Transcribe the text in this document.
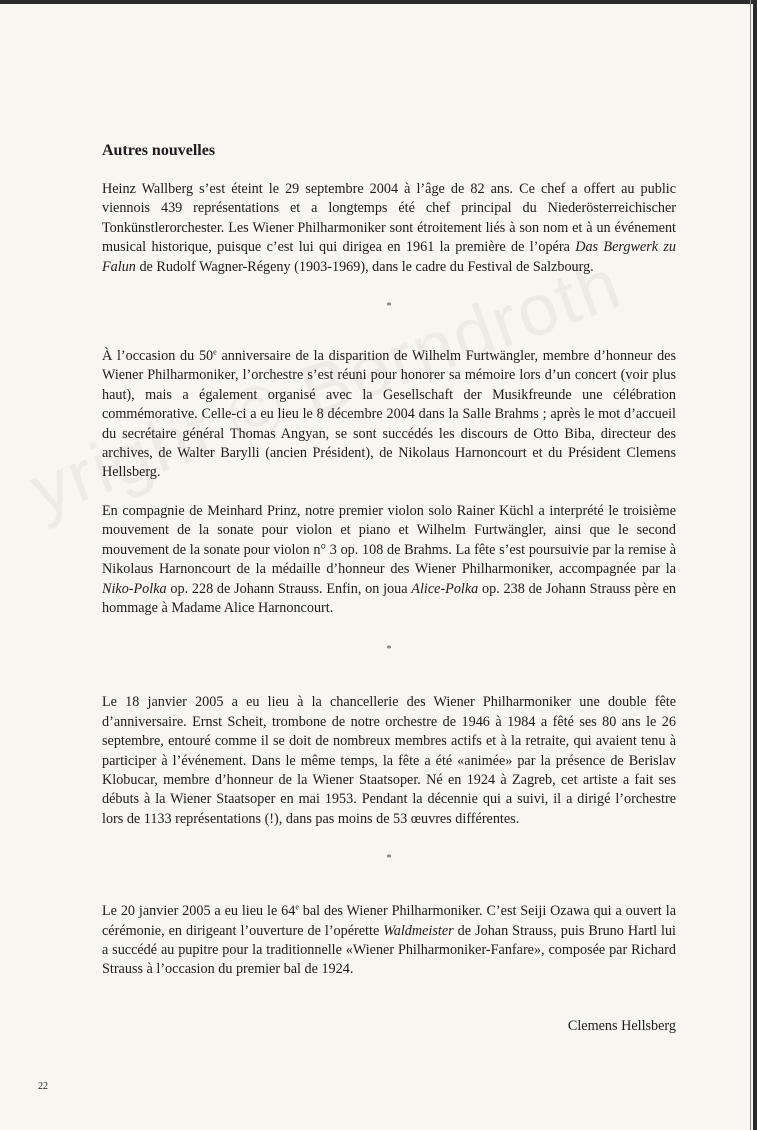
Autres nouvelles

Heinz Wallberg s’est éteint le 29 septembre 2004 à l’âge de 82 ans. Ce chef a offert au public viennois 439 représentations et a longtemps été chef principal du Niederösterreichischer Tonkünstlerorchester. Les Wiener Philharmoniker sont étroitement liés à son nom et à un événement musical historique, puisque c’est lui qui dirigea en 1961 la première de l’opéra Das Bergwerk zu Falun de Rudolf Wagner-Régeny (1903-1969), dans le cadre du Festival de Salzbourg.

*

À l’occasion du 50e anniversaire de la disparition de Wilhelm Furtwängler, membre d’honneur des Wiener Philharmoniker, l’orchestre s’est réuni pour honorer sa mémoire lors d’un concert (voir plus haut), mais a également organisé avec la Gesellschaft der Musikfreunde une célébration commémorative. Celle-ci a eu lieu le 8 décembre 2004 dans la Salle Brahms ; après le mot d’accueil du secrétaire général Thomas Angyan, se sont succédés les discours de Otto Biba, directeur des archives, de Walter Barylli (ancien Président), de Nikolaus Harnoncourt et du Président Clemens Hellsberg.

En compagnie de Meinhard Prinz, notre premier violon solo Rainer Küchl a interprété le troisième mouvement de la sonate pour violon et piano et Wilhelm Furtwängler, ainsi que le second mouvement de la sonate pour violon n° 3 op. 108 de Brahms. La fête s’est poursuivie par la remise à Nikolaus Harnoncourt de la médaille d’honneur des Wiener Philharmoniker, accompagnée par la Niko-Polka op. 228 de Johann Strauss. Enfin, on joua Alice-Polka op. 238 de Johann Strauss père en hommage à Madame Alice Harnoncourt.

*

Le 18 janvier 2005 a eu lieu à la chancellerie des Wiener Philharmoniker une double fête d’anniversaire. Ernst Scheit, trombone de notre orchestre de 1946 à 1984 a fêté ses 80 ans le 26 septembre, entouré comme il se doit de nombreux membres actifs et à la retraite, qui avaient tenu à participer à l’événement. Dans le même temps, la fête a été «animée» par la présence de Berislav Klobucar, membre d’honneur de la Wiener Staatsoper. Né en 1924 à Zagreb, cet artiste a fait ses débuts à la Wiener Staatsoper en mai 1953. Pendant la décennie qui a suivi, il a dirigé l’orchestre lors de 1133 représentations (!), dans pas moins de 53 œuvres différentes.

*

Le 20 janvier 2005 a eu lieu le 64e bal des Wiener Philharmoniker. C’est Seiji Ozawa qui a ouvert la cérémonie, en dirigeant l’ouverture de l’opérette Waldmeister de Johan Strauss, puis Bruno Hartl lui a succédé au pupitre pour la traditionnelle «Wiener Philharmoniker-Fanfare», composée par Richard Strauss à l’occasion du premier bal de 1924.

Clemens Hellsberg
22
